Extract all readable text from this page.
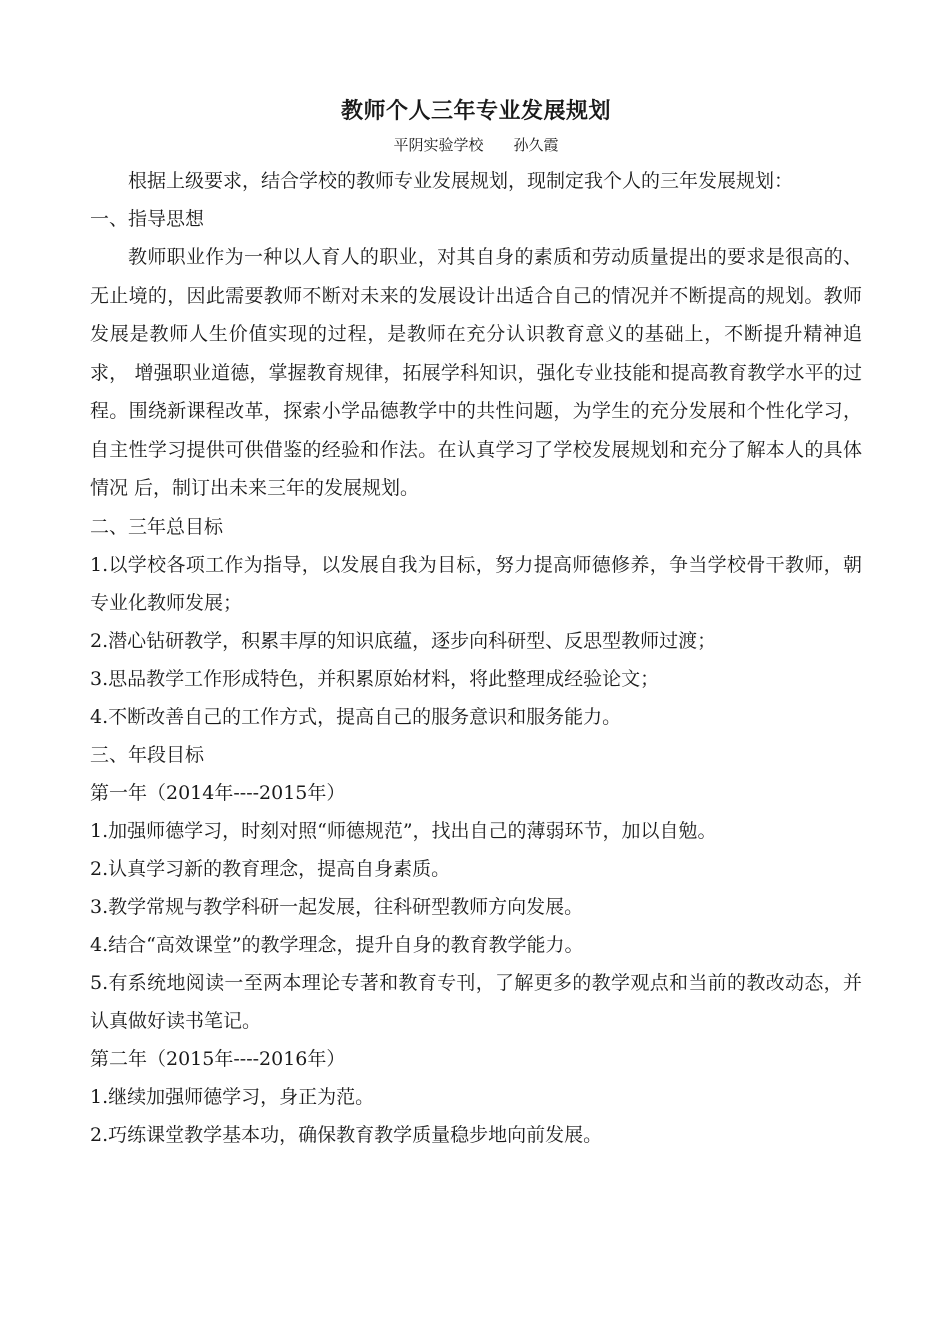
教师个人三年专业发展规划
平阴实验学校 孙久霞

根据上级要求，结合学校的教师专业发展规划，现制定我个人的三年发展规划：

一、指导思想

教师职业作为一种以人育人的职业，对其自身的素质和劳动质量提出的要求是很高的、无止境的，因此需要教师不断对未来的发展设计出适合自己的情况并不断提高的规划。教师发展是教师人生价值实现的过程，是教师在充分认识教育意义的基础上，不断提升精神追求， 增强职业道德，掌握教育规律，拓展学科知识，强化专业技能和提高教育教学水平的过程。围绕新课程改革，探索小学品德教学中的共性问题，为学生的充分发展和个性化学习，自主性学习提供可供借鉴的经验和作法。在认真学习了学校发展规划和充分了解本人的具体情况 后，制订出未来三年的发展规划。

二、三年总目标

1.以学校各项工作为指导，以发展自我为目标，努力提高师德修养，争当学校骨干教师，朝专业化教师发展；

2.潜心钻研教学，积累丰厚的知识底蕴，逐步向科研型、反思型教师过渡；

3.思品教学工作形成特色，并积累原始材料，将此整理成经验论文；

4.不断改善自己的工作方式，提高自己的服务意识和服务能力。

三、年段目标

第一年（2014年----2015年）

1.加强师德学习，时刻对照“师德规范”，找出自己的薄弱环节，加以自勉。

2.认真学习新的教育理念，提高自身素质。

3.教学常规与教学科研一起发展，往科研型教师方向发展。

4.结合“高效课堂”的教学理念，提升自身的教育教学能力。

5.有系统地阅读一至两本理论专著和教育专刊，了解更多的教学观点和当前的教改动态，并认真做好读书笔记。

第二年（2015年----2016年）

1.继续加强师德学习，身正为范。

2.巧练课堂教学基本功，确保教育教学质量稳步地向前发展。
